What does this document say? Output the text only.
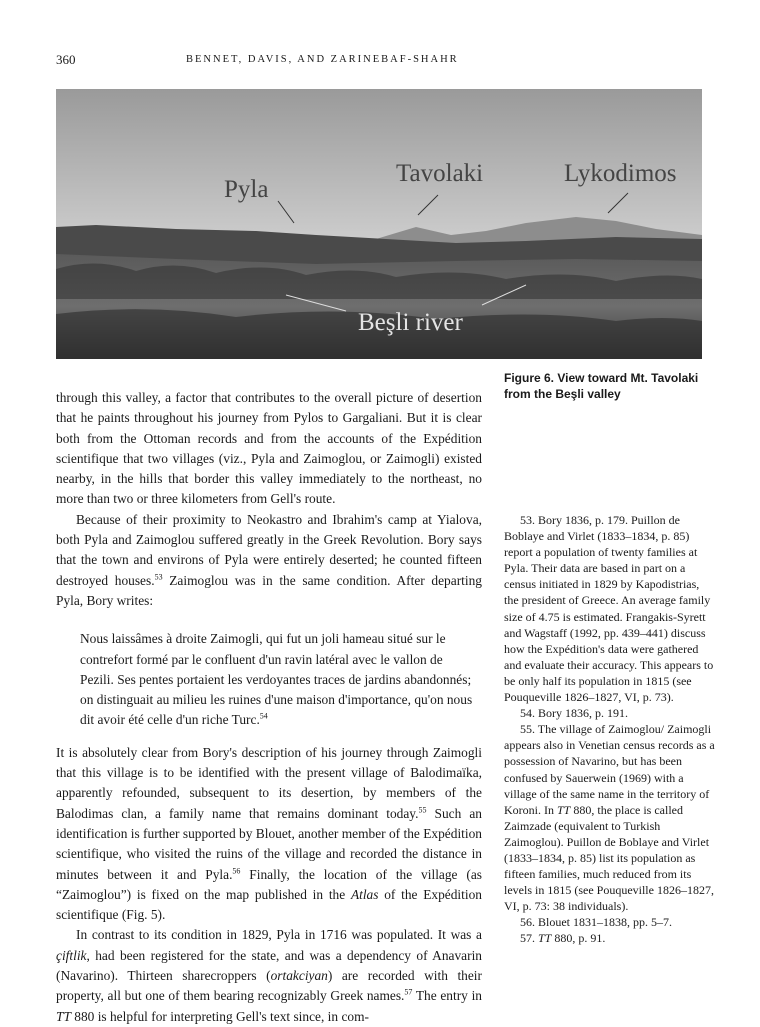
360	BENNET, DAVIS, AND ZARINEBAF-SHAHR
Pyla
Tavolaki	Lykodimos
Beşli river
Figure 6. View toward Mt. Tavolaki from the Beşli valley

through this valley, a factor that contributes to the overall picture of desertion that he paints throughout his journey from Pylos to Gargaliani. But it is clear both from the Ottoman records and from the accounts of the Expédition scientifique that two villages (viz., Pyla and Zaimoglou, or Zaimogli) existed nearby, in the hills that border this valley immediately to the northeast, no more than two or three kilometers from Gell's route.

Because of their proximity to Neokastro and Ibrahim's camp at Yialova, both Pyla and Zaimoglou suffered greatly in the Greek Revolution. Bory says that the town and environs of Pyla were entirely deserted; he counted fifteen destroyed houses.$^{53}$ Zaimoglou was in the same condition. After departing Pyla, Bory writes:

Nous laissâmes à droite Zaimogli, qui fut un joli hameau situé sur le contrefort formé par le confluent d'un ravin latéral avec le vallon de Pezili. Ses pentes portaient les verdoyantes traces de jardins abandonnés; on distinguait au milieu les ruines d'une maison d'importance, qu'on nous dit avoir été celle d'un riche Turc.$^{54}$

It is absolutely clear from Bory's description of his journey through Zaimogli that this village is to be identified with the present village of Balodimaïka, apparently refounded, subsequent to its desertion, by members of the Balodimas clan, a family name that remains dominant today.$^{55}$ Such an identification is further supported by Blouet, another member of the Expédition scientifique, who visited the ruins of the village and recorded the distance in minutes between it and Pyla.$^{56}$ Finally, the location of the village (as “Zaimoglou”) is fixed on the map published in the Atlas of the Expédition scientifique (Fig. 5).

In contrast to its condition in 1829, Pyla in 1716 was populated. It was a çiftlik, had been registered for the state, and was a dependency of Anavarin (Navarino). Thirteen sharecroppers (ortakciyan) are recorded with their property, all but one of them bearing recognizably Greek names.$^{57}$ The entry in TT 880 is helpful for interpreting Gell's text since, in com-

53. Bory 1836, p. 179. Puillon de Boblaye and Virlet (1833–1834, p. 85) report a population of twenty families at Pyla. Their data are based in part on a census initiated in 1829 by Kapodistrias, the president of Greece. An average family size of 4.75 is estimated. Frangakis-Syrett and Wagstaff (1992, pp. 439–441) discuss how the Expédition's data were gathered and evaluate their accuracy. This appears to be only half its population in 1815 (see Pouqueville 1826–1827, VI, p. 73).

54. Bory 1836, p. 191.

55. The village of Zaimoglou/ Zaimogli appears also in Venetian census records as a possession of Navarino, but has been confused by Sauerwein (1969) with a village of the same name in the territory of Koroni. In TT 880, the place is called Zaimzade (equivalent to Turkish Zaimoglou). Puillon de Boblaye and Virlet (1833–1834, p. 85) list its population as fifteen families, much reduced from its levels in 1815 (see Pouqueville 1826–1827, VI, p. 73: 38 individuals).

56. Blouet 1831–1838, pp. 5–7.

57. TT 880, p. 91.
